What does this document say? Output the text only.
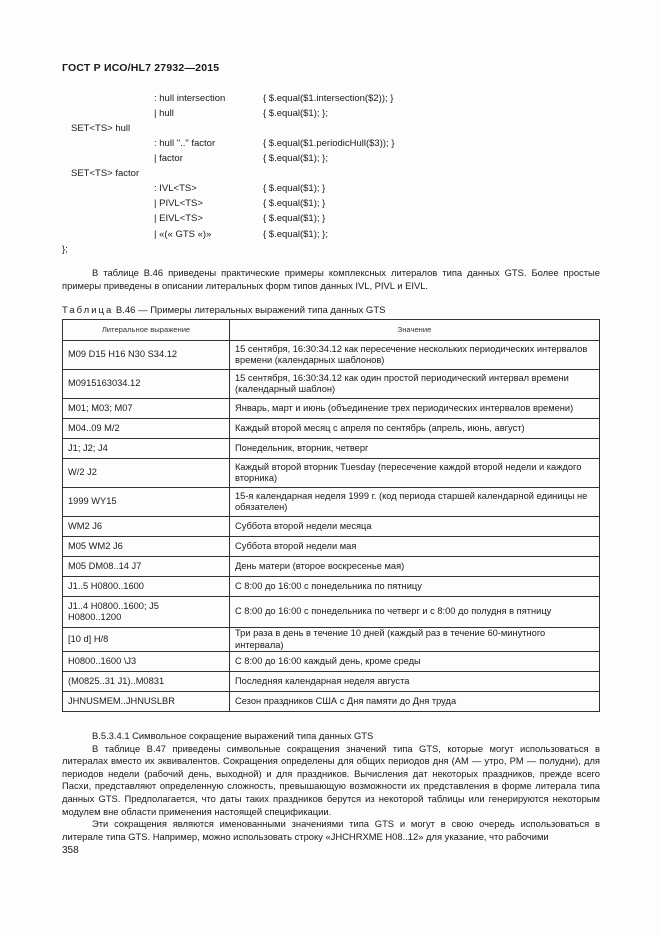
ГОСТ Р ИСО/HL7 27932—2015
: hull intersection	{ $.equal($1.intersection($2)); }
| hull	{ $.equal($1); };
SET<TS> hull
: hull ".." factor	{ $.equal($1.periodicHull($3)); }
| factor	{ $.equal($1); };
SET<TS> factor
: IVL<TS>	{ $.equal($1); }
| PIVL<TS>	{ $.equal($1); }
| EIVL<TS>	{ $.equal($1); }
| «(« GTS «)»	{ $.equal($1); };
};

В таблице В.46 приведены практические примеры комплексных литералов типа данных GTS. Более простые примеры приведены в описании литеральных форм типов данных IVL, PIVL и EIVL.

Таблица В.46 — Примеры литеральных выражений типа данных GTS
Литеральное выражение	Значение
M09 D15 H16 N30 S34.12	15 сентября, 16:30:34.12 как пересечение нескольких периодических интервалов времени (календарных шаблонов)
M0915163034.12	15 сентября, 16:30:34.12 как один простой периодический интервал времени (календарный шаблон)
M01; M03; M07	Январь, март и июнь (объединение трех периодических интервалов времени)
M04..09 M/2	Каждый второй месяц с апреля по сентябрь (апрель, июнь, август)
J1; J2; J4	Понедельник, вторник, четверг
W/2 J2	Каждый второй вторник Tuesday (пересечение каждой второй недели и каждого вторника)
1999 WY15	15-я календарная неделя 1999 г. (код периода старшей календарной единицы не обязателен)
WM2 J6	Суббота второй недели месяца
M05 WM2 J6	Суббота второй недели мая
M05 DM08..14 J7	День матери (второе воскресенье мая)
J1..5 H0800..1600	С 8:00 до 16:00 с понедельника по пятницу
J1..4 H0800..1600; J5 H0800..1200	С 8:00 до 16:00 с понедельника по четверг и с 8:00 до полудня в пятницу
[10 d] H/8	Три раза в день в течение 10 дней (каждый раз в течение 60-минутного интервала)
H0800..1600 \J3	С 8:00 до 16:00 каждый день, кроме среды
(M0825..31 J1)..M0831	Последняя календарная неделя августа
JHNUSMEM..JHNUSLBR	Сезон праздников США с Дня памяти до Дня труда

В.5.3.4.1 Символьное сокращение выражений типа данных GTS

В таблице В.47 приведены символьные сокращения значений типа GTS, которые могут использоваться в литералах вместо их эквивалентов. Сокращения определены для общих периодов дня (AM — утро, PM — полудни), для периодов недели (рабочий день, выходной) и для праздников. Вычисления дат некоторых праздников, прежде всего Пасхи, представляют определенную сложность, превышающую возможности их представления в форме литерала типа данных GTS. Предполагается, что даты таких праздников берутся из некоторой таблицы или генерируются некоторым модулем вне области применения настоящей спецификации.

Эти сокращения являются именованными значениями типа GTS и могут в свою очередь использоваться в литерале типа GTS. Например, можно использовать строку «JHCHRXME H08..12» для указание, что рабочими

358
